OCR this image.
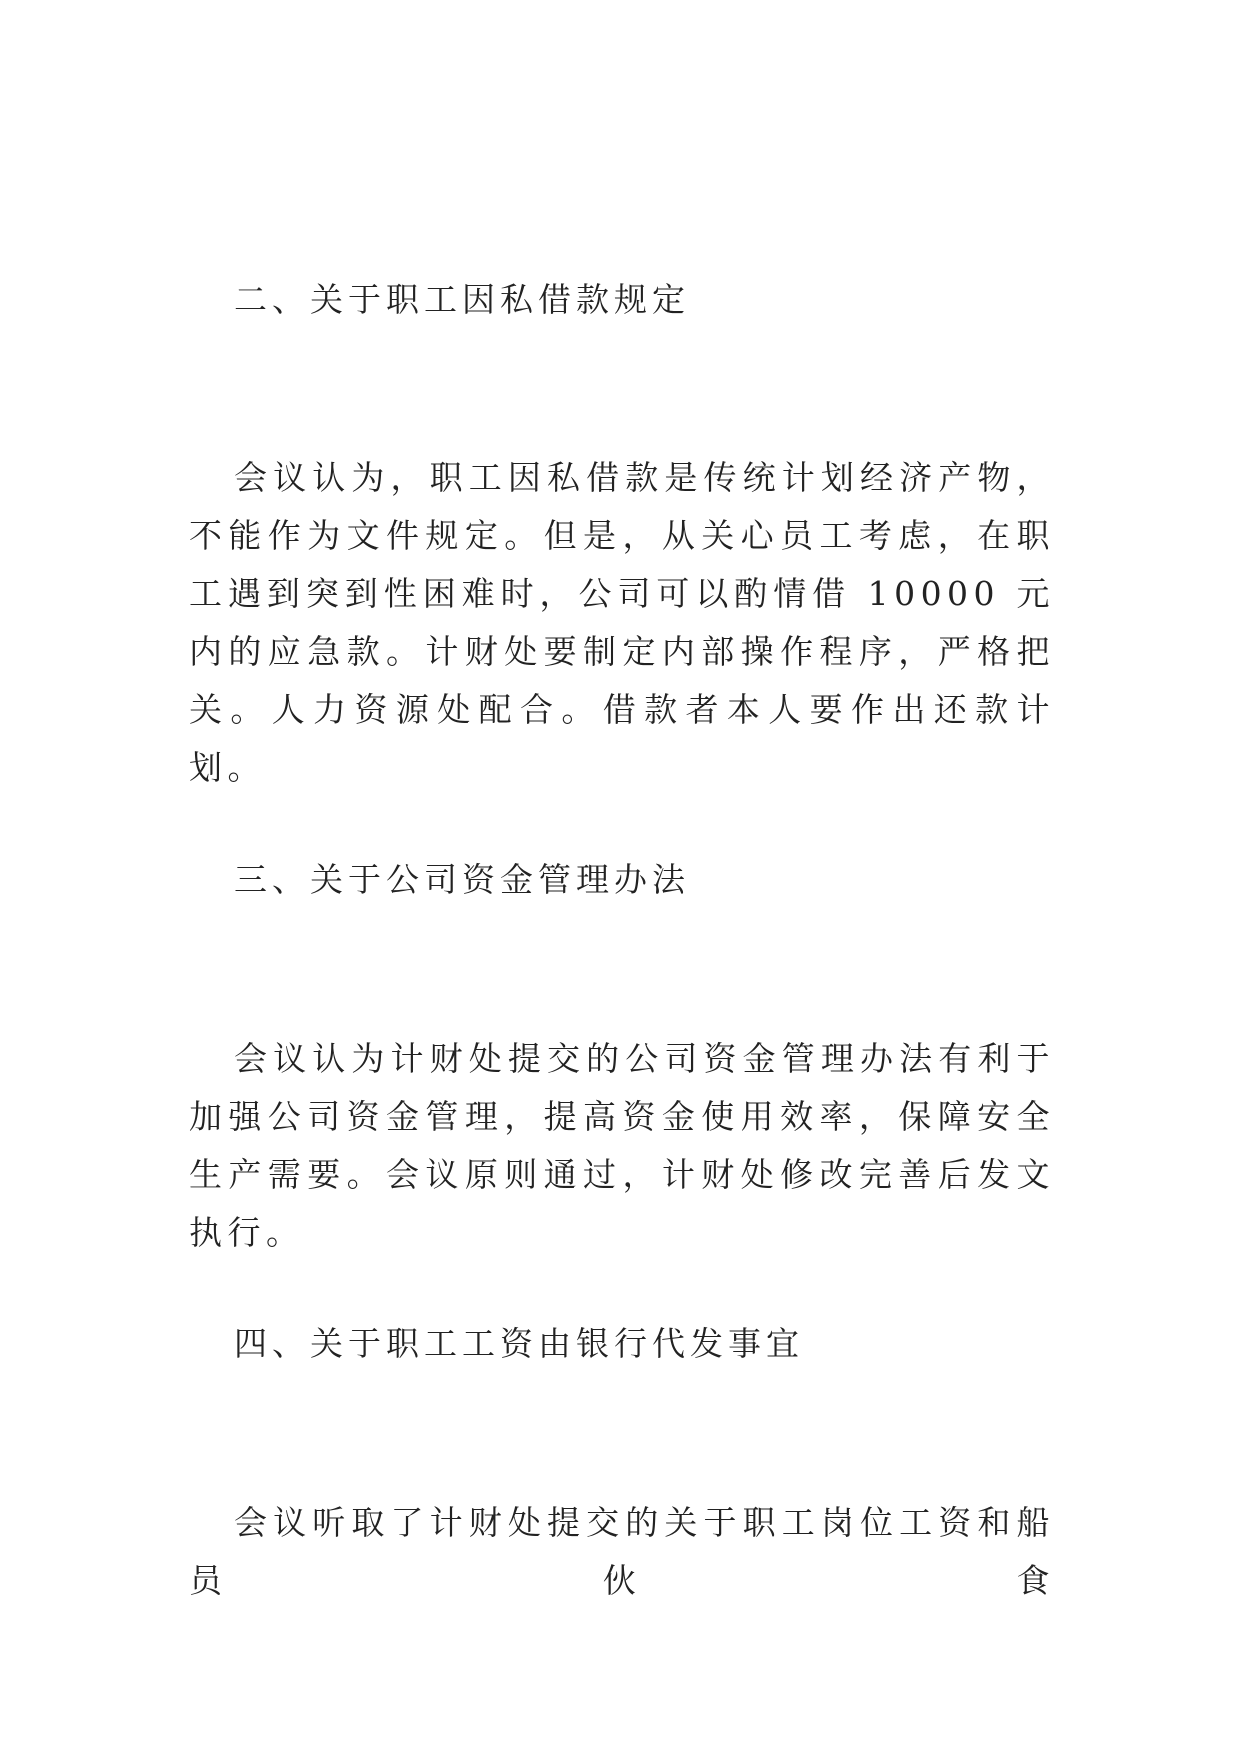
二、关于职工因私借款规定

会议认为，职工因私借款是传统计划经济产物，不能作为文件规定。但是，从关心员工考虑，在职工遇到突到性困难时，公司可以酌情借 10000 元内的应急款。计财处要制定内部操作程序，严格把关。人力资源处配合。借款者本人要作出还款计划。

三、关于公司资金管理办法

会议认为计财处提交的公司资金管理办法有利于加强公司资金管理，提高资金使用效率，保障安全生产需要。会议原则通过，计财处修改完善后发文执行。

四、关于职工工资由银行代发事宜

会议听取了计财处提交的关于职工岗位工资和船员伙食
